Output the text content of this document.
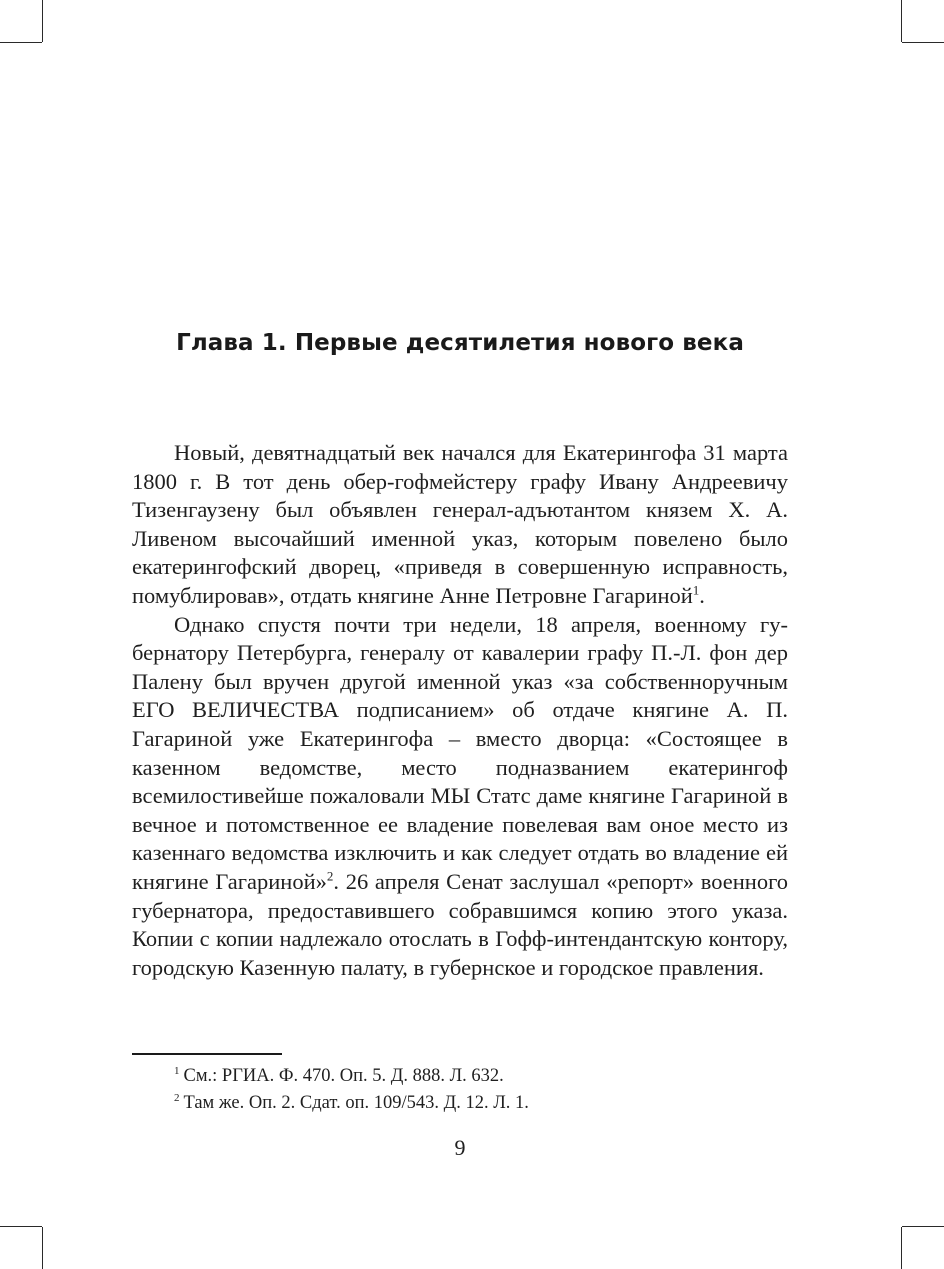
Глава 1. Первые десятилетия нового века

Новый, девятнадцатый век начался для Екатерингофа 31 марта 1800 г. В тот день обер-гофмейстеру графу Ивану Андреевичу Тизенгаузену был объявлен генерал-адъютантом князем Х. А. Ливеном высочайший именной указ, которым повелено было екатерингофский дворец, «приведя в совершенную исправность, помублировав», отдать княгине Анне Петровне Гагариной$^1$.

Однако спустя почти три недели, 18 апреля, военному губернатору Петербурга, генералу от кавалерии графу П.-Л. фон дер Палену был вручен другой именной указ «за собственноручным ЕГО ВЕЛИЧЕСТВА подписанием» об отдаче княгине А. П. Гагариной уже Екатерингофа – вместо дворца: «Состоящее в казенном ведомстве, место подназванием екатерингоф всемилостивейше пожаловали МЫ Статс даме княгине Гагариной в вечное и потомственное ее владение повелевая вам оное место из казеннаго ведомства изключить и как следует отдать во владение ей княгине Гагариной»$^2$. 26 апреля Сенат заслушал «репорт» военного губернатора, предоставившего собравшимся копию этого указа. Копии с копии надлежало отослать в Гофф-интендантскую контору, городскую Казенную палату, в губернское и городское правления.

$^1$ См.: РГИА. Ф. 470. Оп. 5. Д. 888. Л. 632.
$^2$ Там же. Оп. 2. Сдат. оп. 109/543. Д. 12. Л. 1.
9
